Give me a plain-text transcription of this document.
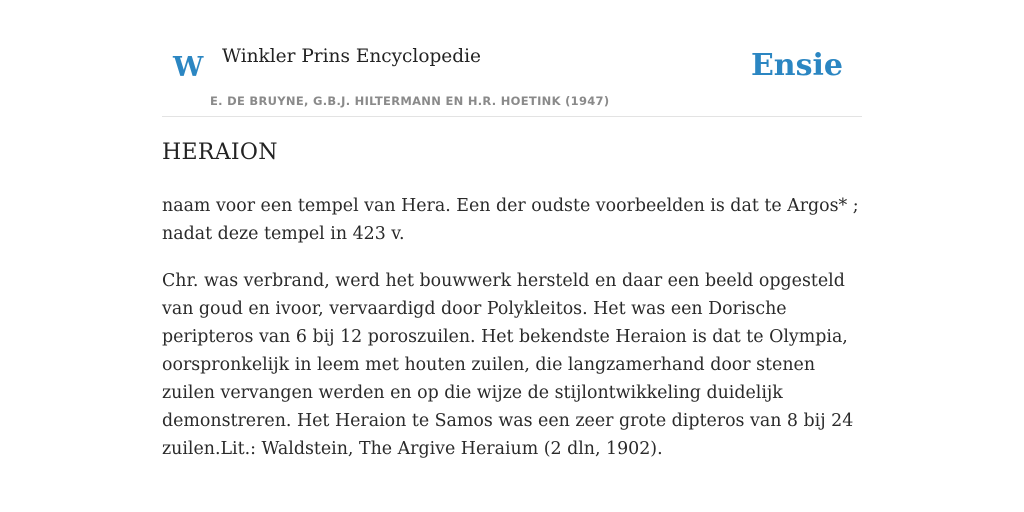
W Winkler Prins Encyclopedie
E. DE BRUYNE, G.B.J. HILTERMANN EN H.R. HOETINK (1947)
Ensie
HERAION

naam voor een tempel van Hera. Een der oudste voorbeelden is dat te Argos* ; nadat deze tempel in 423 v.

Chr. was verbrand, werd het bouwwerk hersteld en daar een beeld opgesteld van goud en ivoor, vervaardigd door Polykleitos. Het was een Dorische peripteros van 6 bij 12 poroszuilen. Het bekendste Heraion is dat te Olympia, oorspronkelijk in leem met houten zuilen, die langzamerhand door stenen zuilen vervangen werden en op die wijze de stijlontwikkeling duidelijk demonstreren. Het Heraion te Samos was een zeer grote dipteros van 8 bij 24 zuilen.Lit.: Waldstein, The Argive Heraium (2 dln, 1902).
